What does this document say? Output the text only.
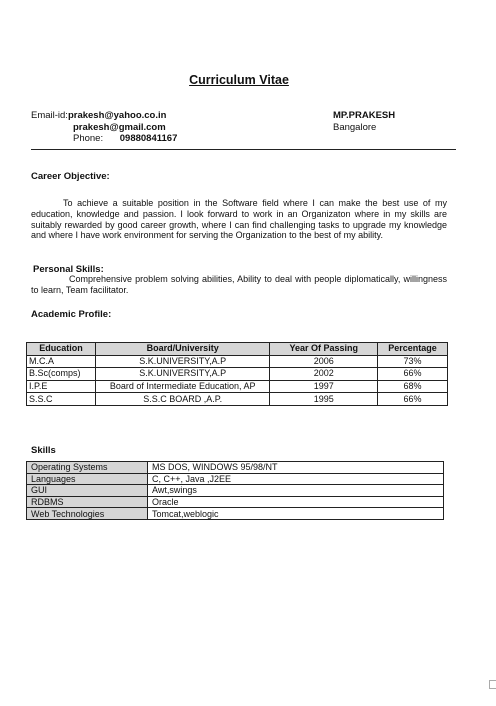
Curriculum Vitae
Email-id:prakesh@yahoo.co.in
prakesh@gmail.com
Phone: 09880841167
MP.PRAKESH
Bangalore
Career Objective:
To achieve a suitable position in the Software field where I can make the best use of my education, knowledge and passion. I look forward to work in an Organizaton where in my skills are suitably rewarded by good career growth, where I can find challenging tasks to upgrade my knowledge and where I have work environment for serving the Organization to the best of my ability.
Personal Skills:
Comprehensive problem solving abilities, Ability to deal with people diplomatically, willingness to learn, Team facilitator.
Academic Profile:
Education	Board/University	Year Of Passing	Percentage
M.C.A	S.K.UNIVERSITY,A.P	2006	73%
B.Sc(comps)	S.K.UNIVERSITY,A.P	2002	66%
I.P.E	Board of Intermediate Education, AP	1997	68%
S.S.C	S.S.C BOARD ,A.P.	1995	66%
Skills
Operating Systems	MS DOS, WINDOWS 95/98/NT
Languages	C, C++, Java ,J2EE
GUI	Awt,swings
RDBMS	Oracle
Web Technologies	Tomcat,weblogic
